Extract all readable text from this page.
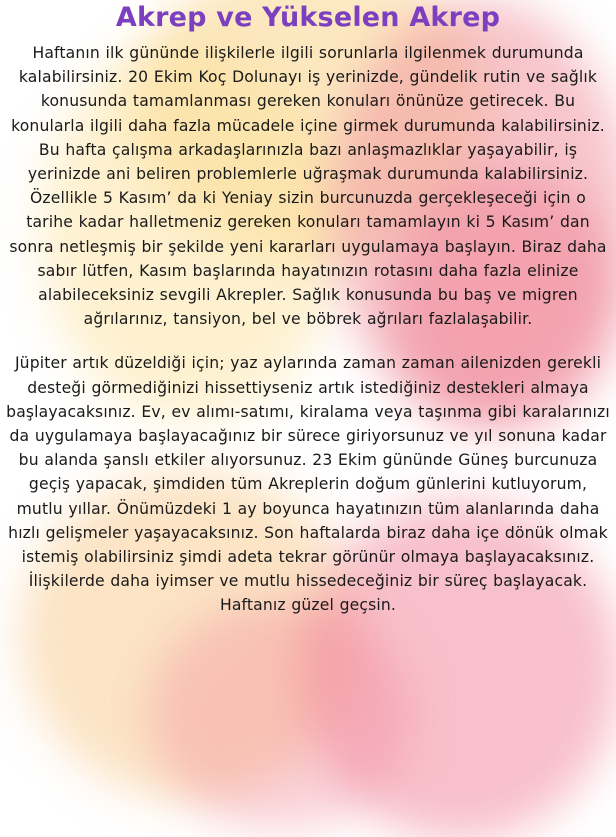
Akrep ve Yükselen Akrep

Haftanın ilk gününde ilişkilerle ilgili sorunlarla ilgilenmek durumunda kalabilirsiniz. 20 Ekim Koç Dolunayı iş yerinizde, gündelik rutin ve sağlık konusunda tamamlanması gereken konuları önünüze getirecek. Bu konularla ilgili daha fazla mücadele içine girmek durumunda kalabilirsiniz. Bu hafta çalışma arkadaşlarınızla bazı anlaşmazlıklar yaşayabilir, iş yerinizde ani beliren problemlerle uğraşmak durumunda kalabilirsiniz. Özellikle 5 Kasım’ da ki Yeniay sizin burcunuzda gerçekleşeceği için o tarihe kadar halletmeniz gereken konuları tamamlayın ki 5 Kasım’ dan sonra netleşmiş bir şekilde yeni kararları uygulamaya başlayın. Biraz daha sabır lütfen, Kasım başlarında hayatınızın rotasını daha fazla elinize alabileceksiniz sevgili Akrepler. Sağlık konusunda bu baş ve migren ağrılarınız, tansiyon, bel ve böbrek ağrıları fazlalaşabilir.

Jüpiter artık düzeldiği için; yaz aylarında zaman zaman ailenizden gerekli desteği görmediğinizi hissettiyseniz artık istediğiniz destekleri almaya başlayacaksınız. Ev, ev alımı-satımı, kiralama veya taşınma gibi karalarınızı da uygulamaya başlayacağınız bir sürece giriyorsunuz ve yıl sonuna kadar bu alanda şanslı etkiler alıyorsunuz. 23 Ekim gününde Güneş burcunuza geçiş yapacak, şimdiden tüm Akreplerin doğum günlerini kutluyorum, mutlu yıllar. Önümüzdeki 1 ay boyunca hayatınızın tüm alanlarında daha hızlı gelişmeler yaşayacaksınız. Son haftalarda biraz daha içe dönük olmak istemiş olabilirsiniz şimdi adeta tekrar görünür olmaya başlayacaksınız. İlişkilerde daha iyimser ve mutlu hissedeceğiniz bir süreç başlayacak. Haftanız güzel geçsin.
